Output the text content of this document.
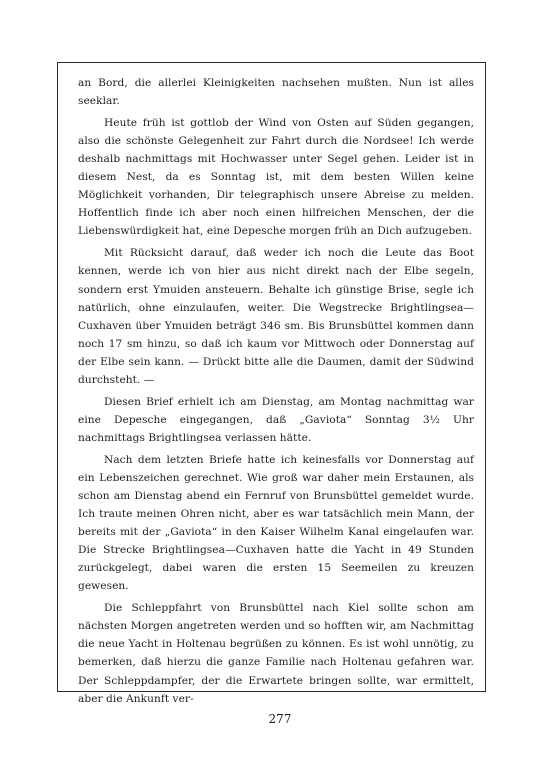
an Bord, die allerlei Kleinigkeiten nachsehen mußten. Nun ist alles seeklar.

Heute früh ist gottlob der Wind von Osten auf Süden gegangen, also die schönste Gelegenheit zur Fahrt durch die Nordsee! Ich werde deshalb nachmittags mit Hochwasser unter Segel gehen. Leider ist in diesem Nest, da es Sonntag ist, mit dem besten Willen keine Möglichkeit vorhanden, Dir telegraphisch unsere Abreise zu melden. Hoffentlich finde ich aber noch einen hilfreichen Menschen, der die Liebenswürdigkeit hat, eine Depesche morgen früh an Dich aufzugeben.

Mit Rücksicht darauf, daß weder ich noch die Leute das Boot kennen, werde ich von hier aus nicht direkt nach der Elbe segeln, sondern erst Ymuiden ansteuern. Behalte ich günstige Brise, segle ich natürlich, ohne einzulaufen, weiter. Die Wegstrecke Brightlingsea—Cuxhaven über Ymuiden beträgt 346 sm. Bis Brunsbüttel kommen dann noch 17 sm hinzu, so daß ich kaum vor Mittwoch oder Donnerstag auf der Elbe sein kann. — Drückt bitte alle die Daumen, damit der Südwind durchsteht. —

Diesen Brief erhielt ich am Dienstag, am Montag nachmittag war eine Depesche eingegangen, daß „Gaviota“ Sonntag 3½ Uhr nachmittags Brightlingsea verlassen hätte.

Nach dem letzten Briefe hatte ich keinesfalls vor Donnerstag auf ein Lebenszeichen gerechnet. Wie groß war daher mein Erstaunen, als schon am Dienstag abend ein Fernruf von Brunsbüttel gemeldet wurde. Ich traute meinen Ohren nicht, aber es war tatsächlich mein Mann, der bereits mit der „Gaviota“ in den Kaiser Wilhelm Kanal eingelaufen war. Die Strecke Brightlingsea—Cuxhaven hatte die Yacht in 49 Stunden zurückgelegt, dabei waren die ersten 15 Seemeilen zu kreuzen gewesen.

Die Schleppfahrt von Brunsbüttel nach Kiel sollte schon am nächsten Morgen angetreten werden und so hofften wir, am Nachmittag die neue Yacht in Holtenau begrüßen zu können. Es ist wohl unnötig, zu bemerken, daß hierzu die ganze Familie nach Holtenau gefahren war. Der Schleppdampfer, der die Erwartete bringen sollte, war ermittelt, aber die Ankunft ver-

277
